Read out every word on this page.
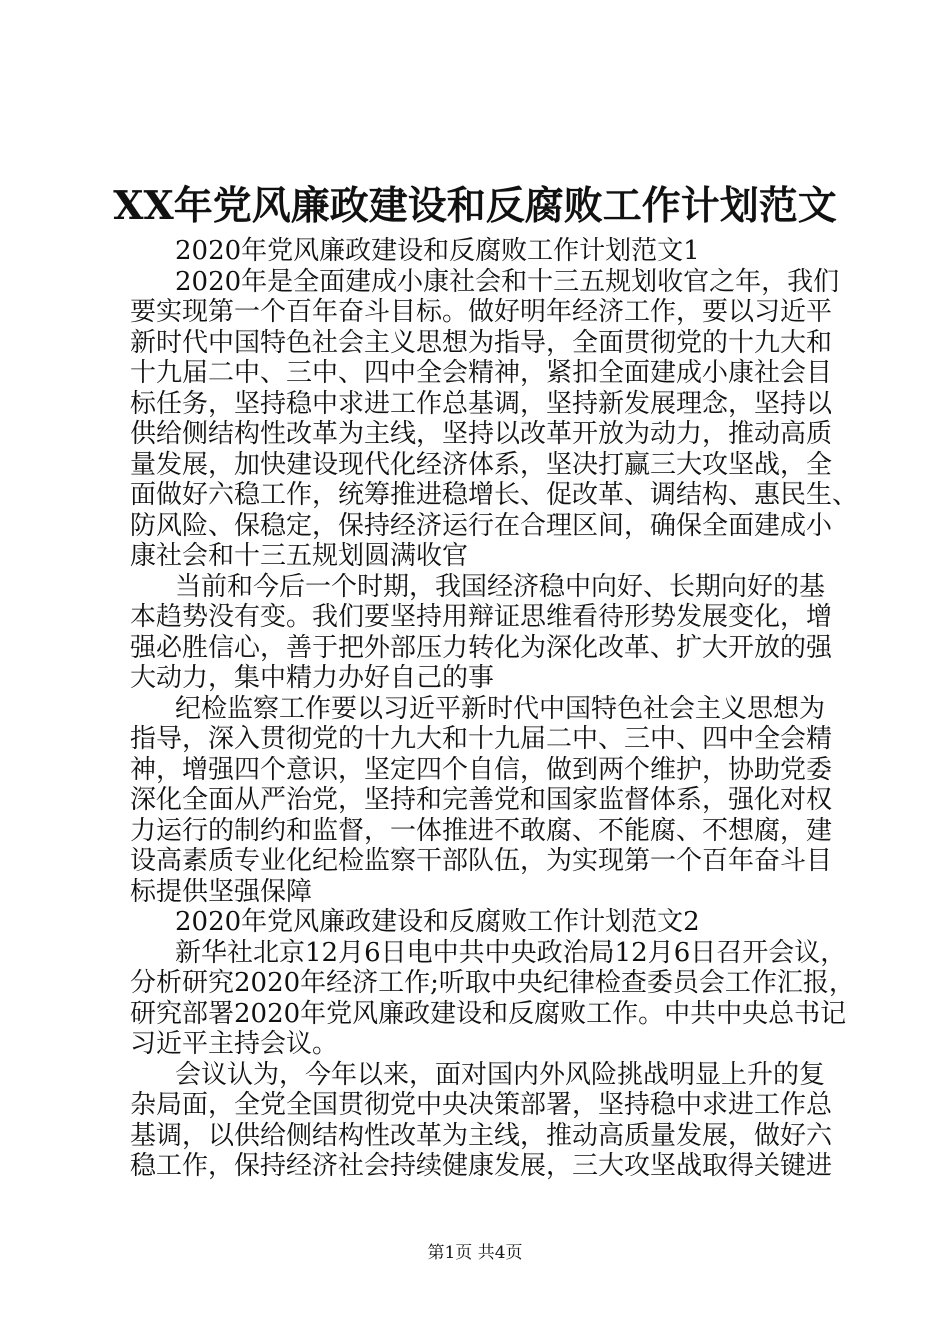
XX年党风廉政建设和反腐败工作计划范文
2020年党风廉政建设和反腐败工作计划范文1
2020年是全面建成小康社会和十三五规划收官之年，我们
要实现第一个百年奋斗目标。做好明年经济工作，要以习近平
新时代中国特色社会主义思想为指导，全面贯彻党的十九大和
十九届二中、三中、四中全会精神，紧扣全面建成小康社会目
标任务，坚持稳中求进工作总基调，坚持新发展理念，坚持以
供给侧结构性改革为主线，坚持以改革开放为动力，推动高质
量发展，加快建设现代化经济体系，坚决打赢三大攻坚战，全
面做好六稳工作，统筹推进稳增长、促改革、调结构、惠民生、
防风险、保稳定，保持经济运行在合理区间，确保全面建成小
康社会和十三五规划圆满收官
当前和今后一个时期，我国经济稳中向好、长期向好的基
本趋势没有变。我们要坚持用辩证思维看待形势发展变化，增
强必胜信心，善于把外部压力转化为深化改革、扩大开放的强
大动力，集中精力办好自己的事
纪检监察工作要以习近平新时代中国特色社会主义思想为
指导，深入贯彻党的十九大和十九届二中、三中、四中全会精
神，增强四个意识，坚定四个自信，做到两个维护，协助党委
深化全面从严治党，坚持和完善党和国家监督体系，强化对权
力运行的制约和监督，一体推进不敢腐、不能腐、不想腐，建
设高素质专业化纪检监察干部队伍，为实现第一个百年奋斗目
标提供坚强保障
2020年党风廉政建设和反腐败工作计划范文2
新华社北京12月6日电中共中央政治局12月6日召开会议，
分析研究2020年经济工作;听取中央纪律检查委员会工作汇报，
研究部署2020年党风廉政建设和反腐败工作。中共中央总书记
习近平主持会议。
会议认为，今年以来，面对国内外风险挑战明显上升的复
杂局面，全党全国贯彻党中央决策部署，坚持稳中求进工作总
基调，以供给侧结构性改革为主线，推动高质量发展，做好六
稳工作，保持经济社会持续健康发展，三大攻坚战取得关键进
第1页 共4页
